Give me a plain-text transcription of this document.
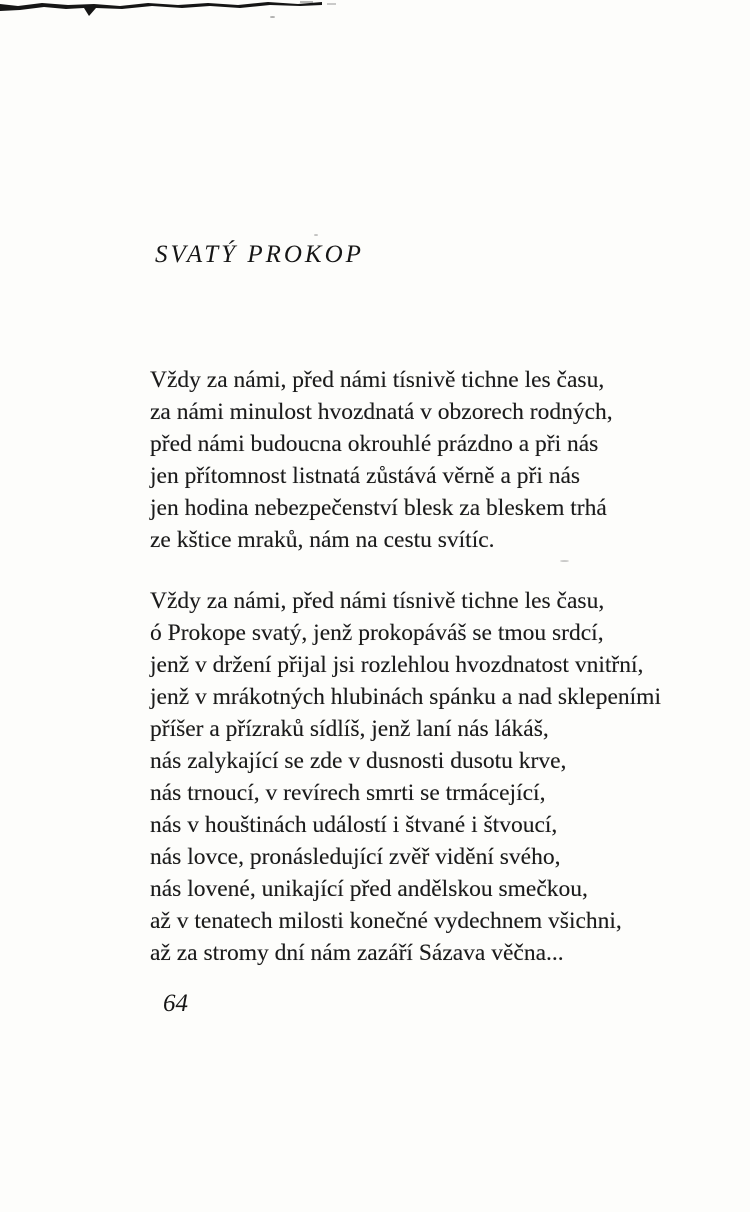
SVATÝ PROKOP
Vždy za námi, před námi tísnivě tichne les času,
za námi minulost hvozdnatá v obzorech rodných,
před námi budoucna okrouhlé prázdno a při nás
jen přítomnost listnatá zůstává věrně a při nás
jen hodina nebezpečenství blesk za bleskem trhá
ze kštice mraků, nám na cestu svítíc.
Vždy za námi, před námi tísnivě tichne les času,
ó Prokope svatý, jenž prokopáváš se tmou srdcí,
jenž v držení přijal jsi rozlehlou hvozdnatost vnitřní,
jenž v mrákotných hlubinách spánku a nad sklepeními
příšer a přízraků sídlíš, jenž laní nás lákáš,
nás zalykající se zde v dusnosti dusotu krve,
nás trnoucí, v revírech smrti se trmácející,
nás v houštinách událostí i štvané i štvoucí,
nás lovce, pronásledující zvěř vidění svého,
nás lovené, unikající před andělskou smečkou,
až v tenatech milosti konečné vydechnem všichni,
až za stromy dní nám zazáří Sázava věčna...
64
